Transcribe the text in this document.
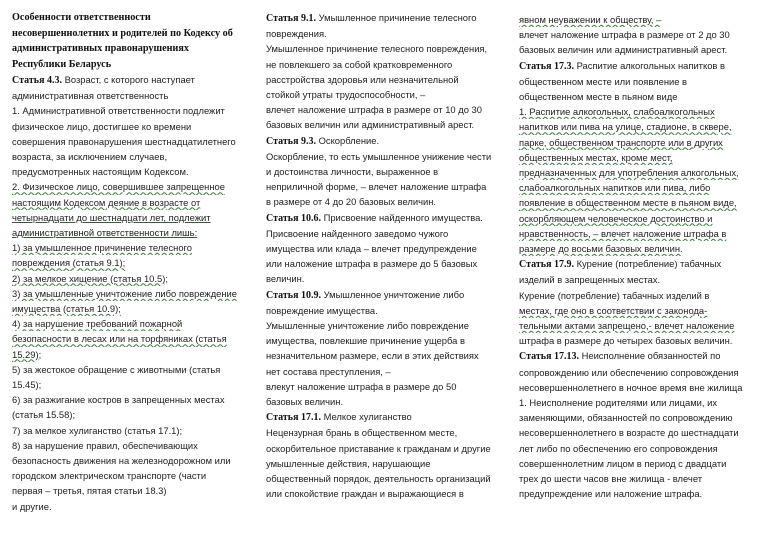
Особенности ответственности
несовершеннолетних и родителей по Кодексу об
административных правонарушениях
Республики Беларусь
Статья 4.3. Возраст, с которого наступает
административная ответственность
1. Административной ответственности подлежит
физическое лицо, достигшее ко времени
совершения правонарушения шестнадцатилетнего
возраста, за исключением случаев,
предусмотренных настоящим Кодексом.
2. Физическое лицо, совершившее запрещенное
настоящим Кодексом деяние в возрасте от
четырнадцати до шестнадцати лет, подлежит
административной ответственности лишь:
1) за умышленное причинение телесного
повреждения (статья 9.1);
2) за мелкое хищение (статья 10.5);
3) за умышленные уничтожение либо повреждение
имущества (статья 10.9);
4) за нарушение требований пожарной
безопасности в лесах или на торфяниках (статья
15.29);
5) за жестокое обращение с животными (статья
15.45);
6) за разжигание костров в запрещенных местах
(статья 15.58);
7) за мелкое хулиганство (статья 17.1);
8) за нарушение правил, обеспечивающих
безопасность движения на железнодорожном или
городском электрическом транспорте (части
первая – третья, пятая статьи 18.3)
и другие.
Статья 9.1. Умышленное причинение телесного
повреждения.
Умышленное причинение телесного повреждения,
не повлекшего за собой кратковременного
расстройства здоровья или незначительной
стойкой утраты трудоспособности, –
влечет наложение штрафа в размере от 10 до 30
базовых величин или административный арест.
Статья 9.3. Оскорбление.
Оскорбление, то есть умышленное унижение чести
и достоинства личности, выраженное в
неприличной форме, – влечет наложение штрафа
в размере от 4 до 20 базовых величин.
Статья 10.6. Присвоение найденного имущества.
Присвоение найденного заведомо чужого
имущества или клада – влечет предупреждение
или наложение штрафа в размере до 5 базовых
величин.
Статья 10.9. Умышленное уничтожение либо
повреждение имущества.
Умышленные уничтожение либо повреждение
имущества, повлекшие причинение ущерба в
незначительном размере, если в этих действиях
нет состава преступления, –
влекут наложение штрафа в размере до 50
базовых величин.
Статья 17.1. Мелкое хулиганство
Нецензурная брань в общественном месте,
оскорбительное приставание к гражданам и другие
умышленные действия, нарушающие
общественный порядок, деятельность организаций
или спокойствие граждан и выражающиеся в
явном неуважении к обществу, –
влечет наложение штрафа в размере от 2 до 30
базовых величин или административный арест.
Статья 17.3. Распитие алкогольных напитков в
общественном месте или появление в
общественном месте в пьяном виде
1. Распитие алкогольных, слабоалкогольных
напитков или пива на улице, стадионе, в сквере,
парке, общественном транспорте или в других
общественных местах, кроме мест,
предназначенных для употребления алкогольных,
слабоалкогольных напитков или пива, либо
появление в общественном месте в пьяном виде,
оскорбляющем человеческое достоинство и
нравственность, – влечет наложение штрафа в
размере до восьми базовых величин.
Статья 17.9. Курение (потребление) табачных
изделий в запрещенных местах.
Курение (потребление) табачных изделий в
местах, где оно в соответствии с законода-
тельными актами запрещено,- влечет наложение
штрафа в размере до четырех базовых величин.
Статья 17.13. Неисполнение обязанностей по
сопровождению или обеспечению сопровождения
несовершеннолетнего в ночное время вне жилища
1. Неисполнение родителями или лицами, их
заменяющими, обязанностей по сопровождению
несовершеннолетнего в возрасте до шестнадцати
лет либо по обеспечению его сопровождения
совершеннолетним лицом в период с двадцати
трех до шести часов вне жилища - влечет
предупреждение или наложение штрафа.
